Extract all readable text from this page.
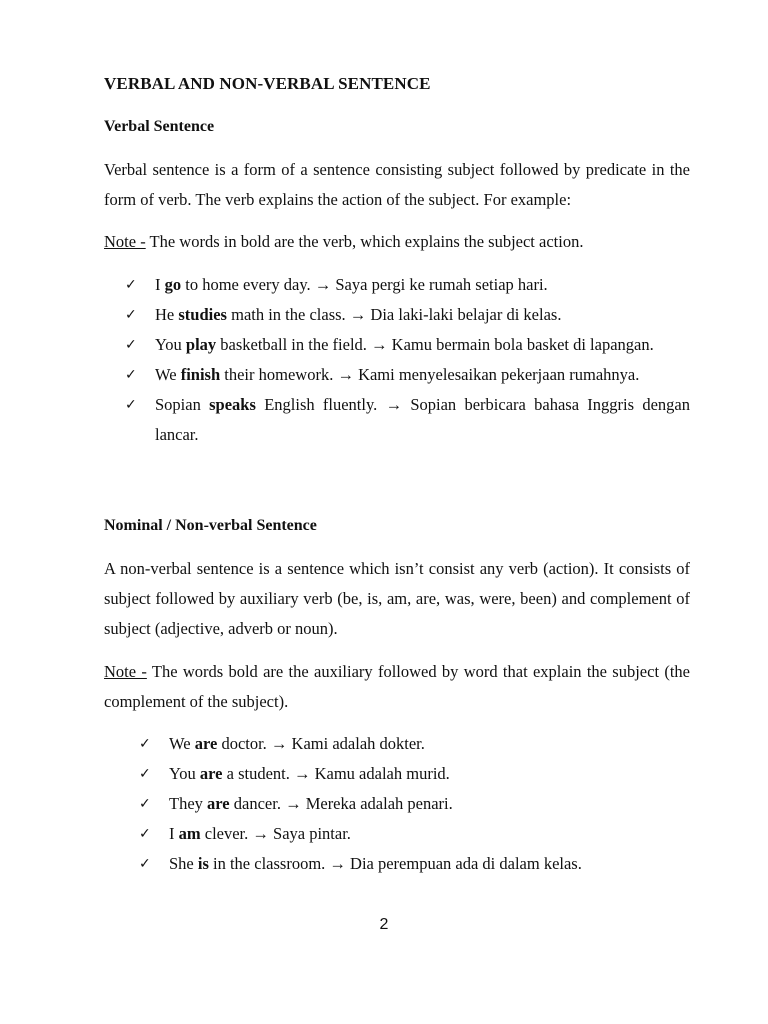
VERBAL AND NON-VERBAL SENTENCE
Verbal Sentence

Verbal sentence is a form of a sentence consisting subject followed by predicate in the form of verb. The verb explains the action of the subject. For example:

Note - The words in bold are the verb, which explains the subject action.

✓ I go to home every day. → Saya pergi ke rumah setiap hari.
✓ He studies math in the class. → Dia laki-laki belajar di kelas.
✓ You play basketball in the field. → Kamu bermain bola basket di lapangan.
✓ We finish their homework. → Kami menyelesaikan pekerjaan rumahnya.
✓ Sopian speaks English fluently. → Sopian berbicara bahasa Inggris dengan lancar.
Nominal / Non-verbal Sentence

A non-verbal sentence is a sentence which isn’t consist any verb (action). It consists of subject followed by auxiliary verb (be, is, am, are, was, were, been) and complement of subject (adjective, adverb or noun).

Note - The words bold are the auxiliary followed by word that explain the subject (the complement of the subject).

✓ We are doctor. → Kami adalah dokter.
✓ You are a student. → Kamu adalah murid.
✓ They are dancer. → Mereka adalah penari.
✓ I am clever. → Saya pintar.
✓ She is in the classroom. → Dia perempuan ada di dalam kelas.
2
